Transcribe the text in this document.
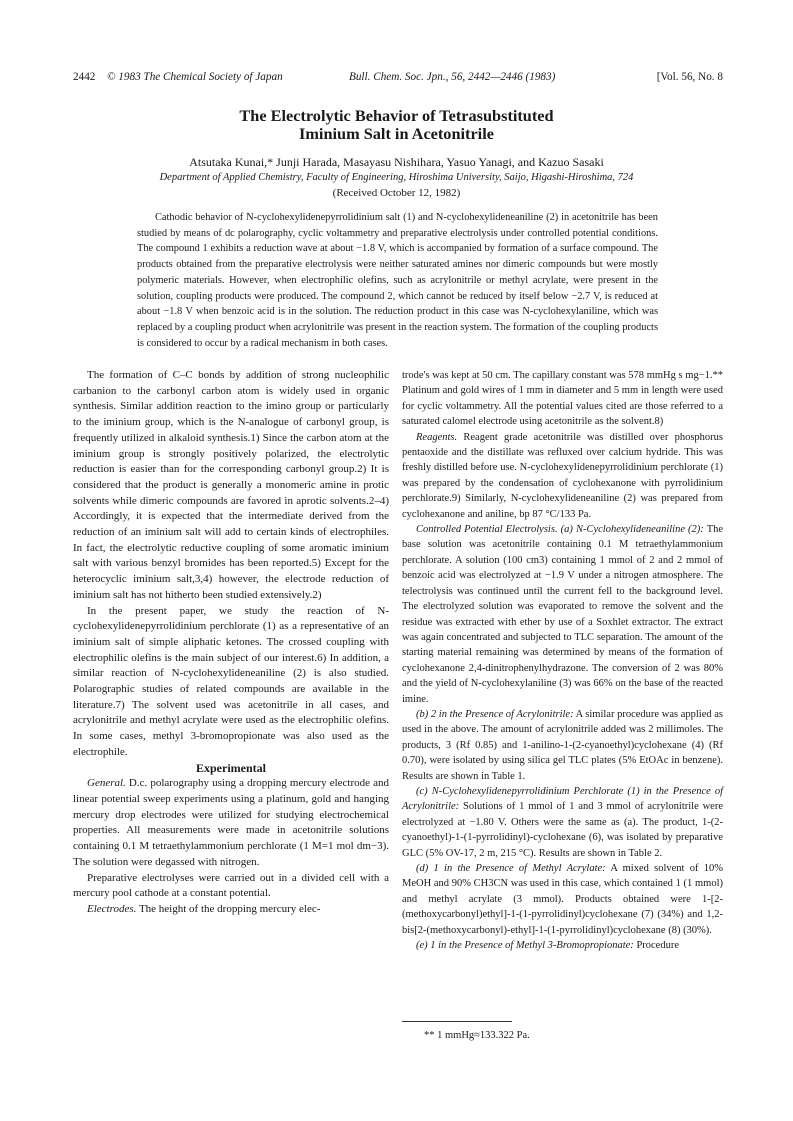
2442	© 1983 The Chemical Society of Japan	Bull. Chem. Soc. Jpn., 56, 2442—2446 (1983)	[Vol. 56, No. 8
The Electrolytic Behavior of Tetrasubstituted
Iminium Salt in Acetonitrile
Atsutaka Kunai,* Junji Harada, Masayasu Nishihara, Yasuo Yanagi, and Kazuo Sasaki
Department of Applied Chemistry, Faculty of Engineering, Hiroshima University, Saijo, Higashi-Hiroshima, 724
(Received October 12, 1982)

Cathodic behavior of N-cyclohexylidenepyrrolidinium salt (1) and N-cyclohexylideneaniline (2) in acetonitrile has been studied by means of dc polarography, cyclic voltammetry and preparative electrolysis under controlled potential conditions. The compound 1 exhibits a reduction wave at about −1.8 V, which is accompanied by formation of a surface compound. The products obtained from the preparative electrolysis were neither saturated amines nor dimeric compounds but were mostly polymeric materials. However, when electrophilic olefins, such as acrylonitrile or methyl acrylate, were present in the solution, coupling products were produced. The compound 2, which cannot be reduced by itself below −2.7 V, is reduced at about −1.8 V when benzoic acid is in the solution. The reduction product in this case was N-cyclohexylaniline, which was replaced by a coupling product when acrylonitrile was present in the reaction system. The formation of the coupling products is considered to occur by a radical mechanism in both cases.

The formation of C–C bonds by addition of strong nucleophilic carbanion to the carbonyl carbon atom is widely used in organic synthesis. Similar addition reaction to the imino group or particularly to the iminium group, which is the N-analogue of carbonyl group, is frequently utilized in alkaloid synthesis.1) Since the carbon atom at the iminium group is strongly positively polarized, the electrolytic reduction is easier than for the corresponding carbonyl group.2) It is considered that the product is generally a monomeric amine in protic solvents while dimeric compounds are favored in aprotic solvents.2–4) Accordingly, it is expected that the intermediate derived from the reduction of an iminium salt will add to certain kinds of electrophiles. In fact, the electrolytic reductive coupling of some aromatic iminium salt with various benzyl bromides has been reported.5) Except for the heterocyclic iminium salt,3,4) however, the electrode reduction of iminium salt has not hitherto been studied extensively.2)

In the present paper, we study the reaction of N-cyclohexylidenepyrrolidinium perchlorate (1) as a representative of an iminium salt of simple aliphatic ketones. The crossed coupling with electrophilic olefins is the main subject of our interest.6) In addition, a similar reaction of N-cyclohexylideneaniline (2) is also studied. Polarographic studies of related compounds are available in the literature.7) The solvent used was acetonitrile in all cases, and acrylonitrile and methyl acrylate were used as the electrophilic olefins. In some cases, methyl 3-bromopropionate was also used as the electrophile.

Experimental

General. D.c. polarography using a dropping mercury electrode and linear potential sweep experiments using a platinum, gold and hanging mercury drop electrodes were utilized for studying electrochemical properties. All measurements were made in acetonitrile solutions containing 0.1 M tetraethylammonium perchlorate (1 M=1 mol dm−3). The solution were degassed with nitrogen.

Preparative electrolyses were carried out in a divided cell with a mercury pool cathode at a constant potential.

Electrodes. The height of the dropping mercury elec-

trode's was kept at 50 cm. The capillary constant was 578 mmHg s mg−1.** Platinum and gold wires of 1 mm in diameter and 5 mm in length were used for cyclic voltammetry. All the potential values cited are those referred to a saturated calomel electrode using acetonitrile as the solvent.8)

Reagents. Reagent grade acetonitrile was distilled over phosphorus pentaoxide and the distillate was refluxed over calcium hydride. This was freshly distilled before use. N-cyclohexylidenepyrrolidinium perchlorate (1) was prepared by the condensation of cyclohexanone with pyrrolidinium perchlorate.9) Similarly, N-cyclohexylideneaniline (2) was prepared from cyclohexanone and aniline, bp 87 °C/133 Pa.

Controlled Potential Electrolysis. (a) N-Cyclohexylideneaniline (2): The base solution was acetonitrile containing 0.1 M tetraethylammonium perchlorate. A solution (100 cm3) containing 1 mmol of 2 and 2 mmol of benzoic acid was electrolyzed at −1.9 V under a nitrogen atmosphere. The telectrolysis was continued until the current fell to the background level. The electrolyzed solution was evaporated to remove the solvent and the residue was extracted with ether by use of a Soxhlet extractor. The extract was again concentrated and subjected to TLC separation. The amount of the starting material remaining was determined by means of the formation of cyclohexanone 2,4-dinitrophenylhydrazone. The conversion of 2 was 80% and the yield of N-cyclohexylaniline (3) was 66% on the base of the reacted imine.

(b) 2 in the Presence of Acrylonitrile: A similar procedure was applied as used in the above. The amount of acrylonitrile added was 2 millimoles. The products, 3 (Rf 0.85) and 1-anilino-1-(2-cyanoethyl)cyclohexane (4) (Rf 0.70), were isolated by using silica gel TLC plates (5% EtOAc in benzene). Results are shown in Table 1.

(c) N-Cyclohexylidenepyrrolidinium Perchlorate (1) in the Presence of Acrylonitrile: Solutions of 1 mmol of 1 and 3 mmol of acrylonitrile were electrolyzed at −1.80 V. Others were the same as (a). The product, 1-(2-cyanoethyl)-1-(1-pyrrolidinyl)-cyclohexane (6), was isolated by preparative GLC (5% OV-17, 2 m, 215 °C). Results are shown in Table 2.

(d) 1 in the Presence of Methyl Acrylate: A mixed solvent of 10% MeOH and 90% CH3CN was used in this case, which contained 1 (1 mmol) and methyl acrylate (3 mmol). Products obtained were 1-[2-(methoxycarbonyl)ethyl]-1-(1-pyrrolidinyl)cyclohexane (7) (34%) and 1,2-bis[2-(methoxycarbonyl)-ethyl]-1-(1-pyrrolidinyl)cyclohexane (8) (30%).

(e) 1 in the Presence of Methyl 3-Bromopropionate: Procedure

** 1 mmHg≈133.322 Pa.
